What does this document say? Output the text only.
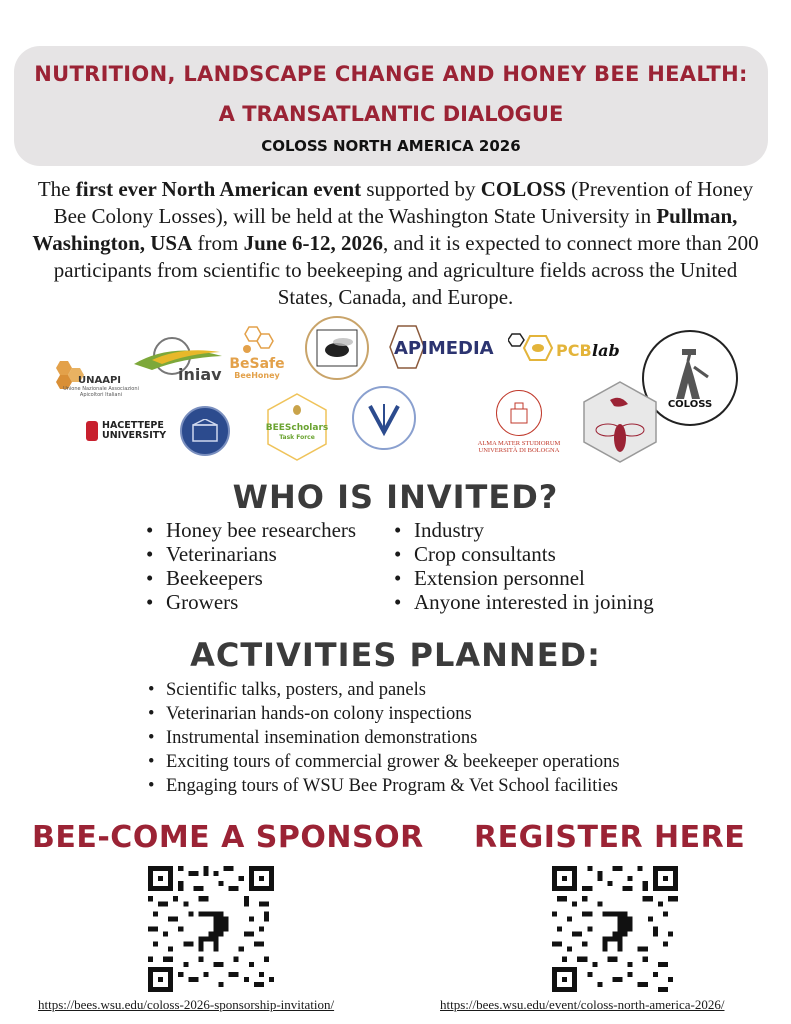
NUTRITION, LANDSCAPE CHANGE AND HONEY BEE HEALTH:
A TRANSATLANTIC DIALOGUE
COLOSS NORTH AMERICA 2026
The first ever North American event supported by COLOSS (Prevention of Honey Bee Colony Losses), will be held at the Washington State University in Pullman, Washington, USA from June 6-12, 2026, and it is expected to connect more than 200 participants from scientific to beekeeping and agriculture fields across the United States, Canada, and Europe.
UNAAPI
Unione Nazionale Associazioni Apicoltori Italiani
iniav
BeSafe
BeeHoney
APIMEDIA	PCB lab
COLOSS
HACETTEPE
UNIVERSITY
BEEScholars
Task Force
ALMA MATER STUDIORUM
UNIVERSITÀ DI BOLOGNA
WHO IS INVITED?
• Honey bee researchers
• Veterinarians
• Beekeepers
• Growers
• Industry
• Crop consultants
• Extension personnel
• Anyone interested in joining
ACTIVITIES PLANNED:
• Scientific talks, posters, and panels
• Veterinarian hands-on colony inspections
• Instrumental insemination demonstrations
• Exciting tours of commercial grower & beekeeper operations
• Engaging tours of WSU Bee Program & Vet School facilities
BEE-COME A SPONSOR
https://bees.wsu.edu/coloss-2026-sponsorship-invitation/
REGISTER HERE
https://bees.wsu.edu/event/coloss-north-america-2026/
